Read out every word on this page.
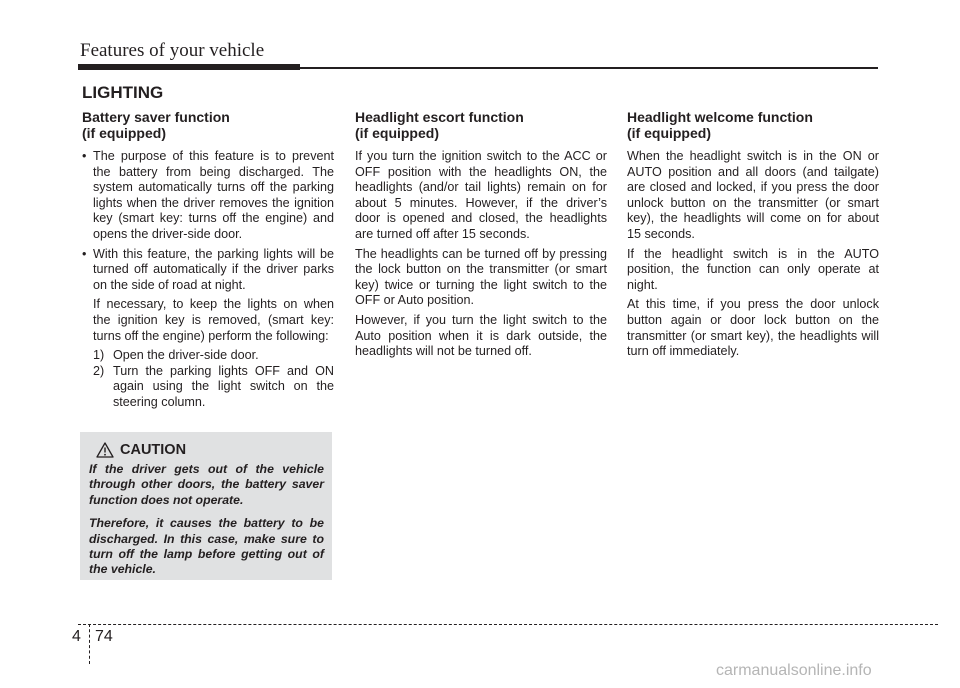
Features of your vehicle
LIGHTING
Battery saver function
(if equipped)
• The purpose of this feature is to prevent the battery from being discharged. The system automatically turns off the parking lights when the driver removes the ignition key (smart key: turns off the engine) and opens the driver-side door.
• With this feature, the parking lights will be turned off automatically if the driver parks on the side of road at night.

If necessary, to keep the lights on when the ignition key is removed, (smart key: turns off the engine) perform the following:

1) Open the driver-side door.
2) Turn the parking lights OFF and ON again using the light switch on the steering column.
CAUTION

If the driver gets out of the vehicle through other doors, the battery saver function does not operate.

Therefore, it causes the battery to be discharged. In this case, make sure to turn off the lamp before getting out of the vehicle.

Headlight escort function
(if equipped)

If you turn the ignition switch to the ACC or OFF position with the headlights ON, the headlights (and/or tail lights) remain on for about 5 minutes. However, if the driver’s door is opened and closed, the headlights are turned off after 15 seconds.

The headlights can be turned off by pressing the lock button on the transmitter (or smart key) twice or turning the light switch to the OFF or Auto position.

However, if you turn the light switch to the Auto position when it is dark outside, the headlights will not be turned off.

Headlight welcome function
(if equipped)

When the headlight switch is in the ON or AUTO position and all doors (and tailgate) are closed and locked, if you press the door unlock button on the transmitter (or smart key), the headlights will come on for about 15 seconds.

If the headlight switch is in the AUTO position, the function can only operate at night.

At this time, if you press the door unlock button again or door lock button on the transmitter (or smart key), the headlights will turn off immediately.

4 74
carmanualsonline.info
